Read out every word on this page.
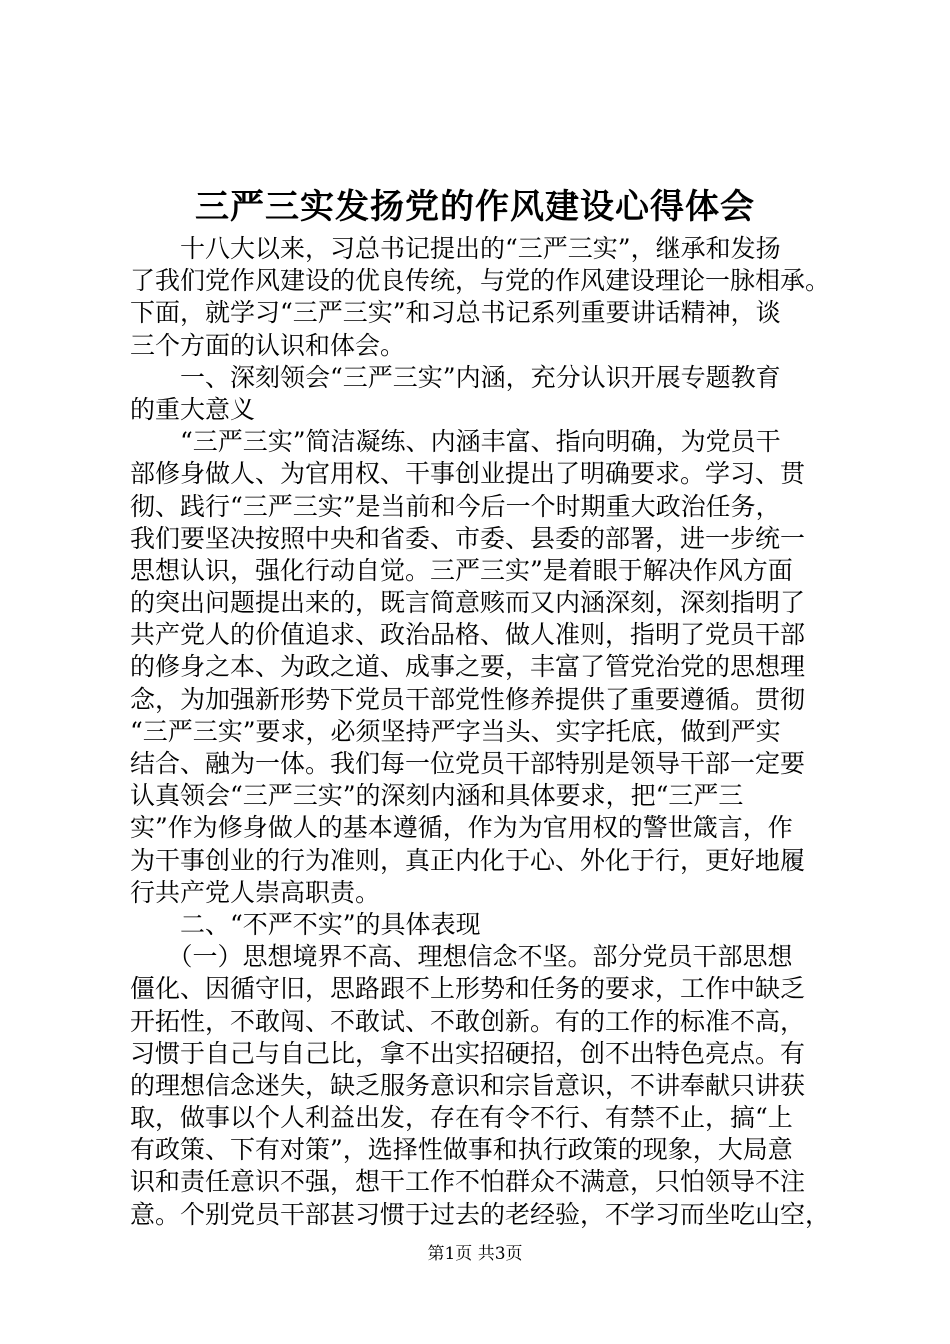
三严三实发扬党的作风建设心得体会
　　十八大以来，习总书记提出的“三严三实”，继承和发扬
了我们党作风建设的优良传统，与党的作风建设理论一脉相承。
下面，就学习“三严三实”和习总书记系列重要讲话精神，谈
三个方面的认识和体会。
　　一、深刻领会“三严三实”内涵，充分认识开展专题教育
的重大意义
　　“三严三实”简洁凝练、内涵丰富、指向明确，为党员干
部修身做人、为官用权、干事创业提出了明确要求。学习、贯
彻、践行“三严三实”是当前和今后一个时期重大政治任务，
我们要坚决按照中央和省委、市委、县委的部署，进一步统一
思想认识，强化行动自觉。三严三实”是着眼于解决作风方面
的突出问题提出来的，既言简意赅而又内涵深刻，深刻指明了
共产党人的价值追求、政治品格、做人准则，指明了党员干部
的修身之本、为政之道、成事之要，丰富了管党治党的思想理
念，为加强新形势下党员干部党性修养提供了重要遵循。贯彻
“三严三实”要求，必须坚持严字当头、实字托底，做到严实
结合、融为一体。我们每一位党员干部特别是领导干部一定要
认真领会“三严三实”的深刻内涵和具体要求，把“三严三
实”作为修身做人的基本遵循，作为为官用权的警世箴言，作
为干事创业的行为准则，真正内化于心、外化于行，更好地履
行共产党人崇高职责。
　　二、“不严不实”的具体表现
　　（一）思想境界不高、理想信念不坚。部分党员干部思想
僵化、因循守旧，思路跟不上形势和任务的要求，工作中缺乏
开拓性，不敢闯、不敢试、不敢创新。有的工作的标准不高，
习惯于自己与自己比，拿不出实招硬招，创不出特色亮点。有
的理想信念迷失，缺乏服务意识和宗旨意识，不讲奉献只讲获
取，做事以个人利益出发，存在有令不行、有禁不止，搞“上
有政策、下有对策”，选择性做事和执行政策的现象，大局意
识和责任意识不强，想干工作不怕群众不满意，只怕领导不注
意。个别党员干部甚习惯于过去的老经验，不学习而坐吃山空，
第1页 共3页
